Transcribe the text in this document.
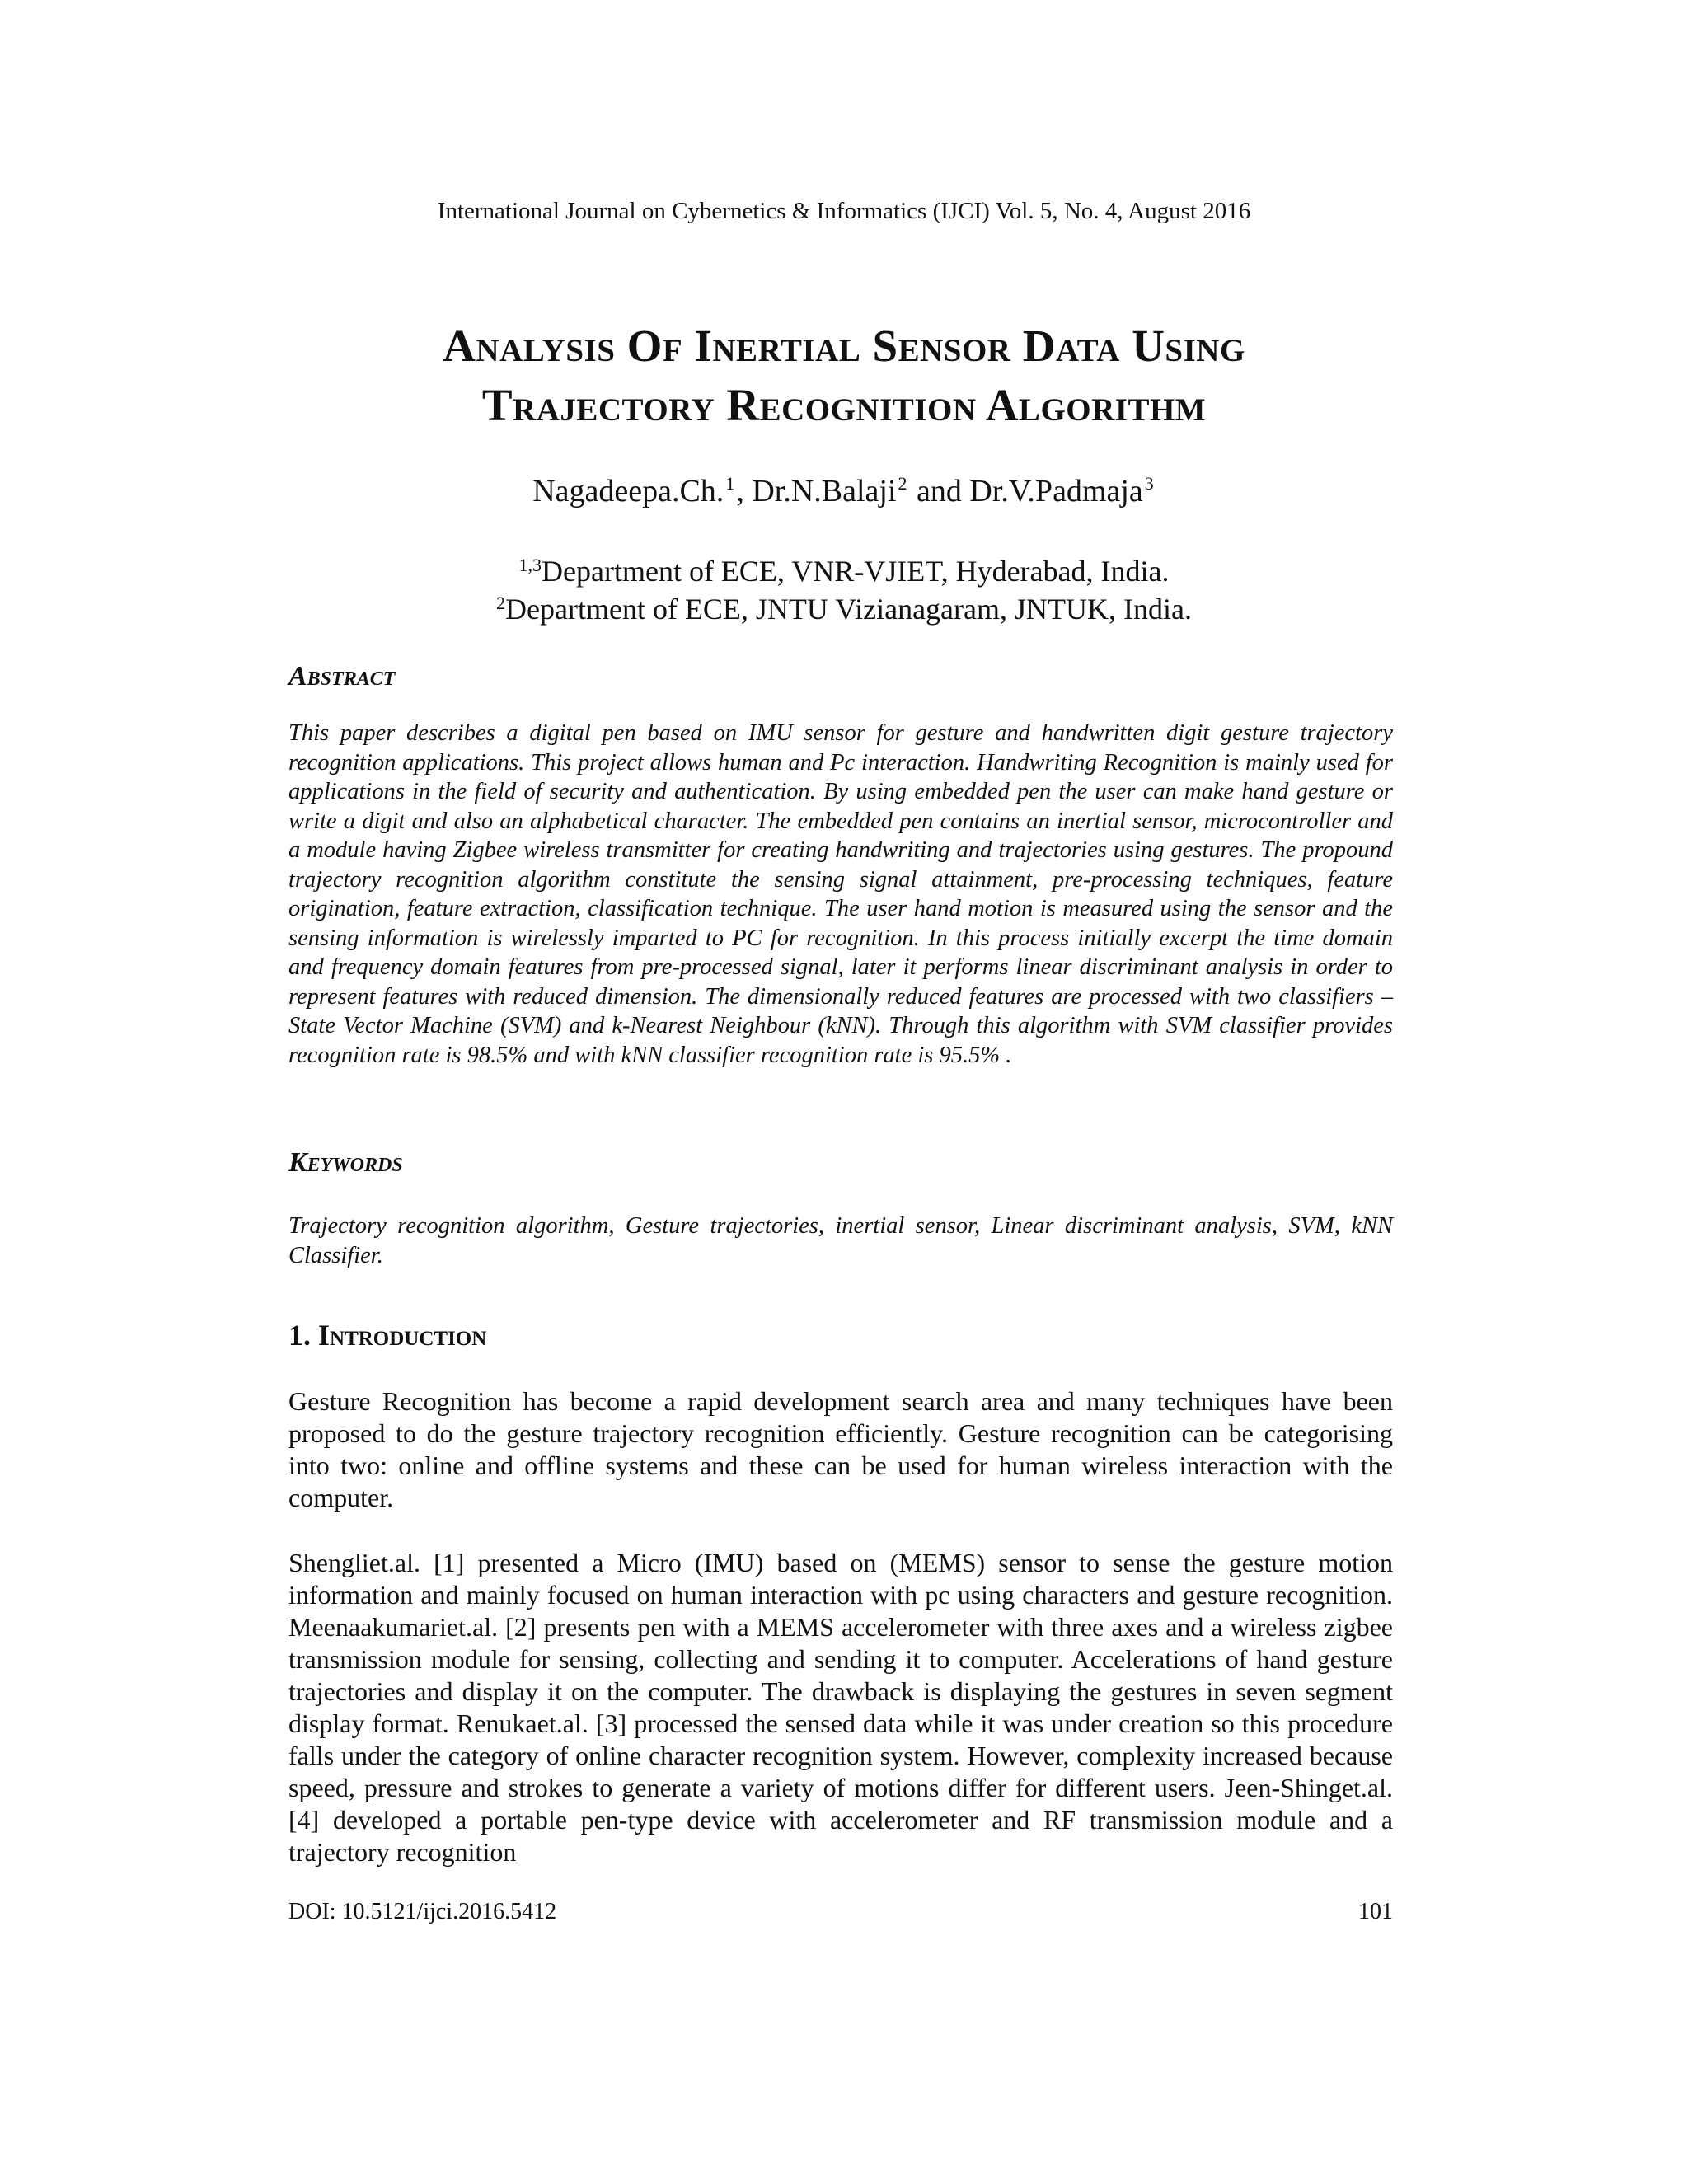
International Journal on Cybernetics & Informatics (IJCI) Vol. 5, No. 4, August 2016
Analysis Of Inertial Sensor Data Using
Trajectory Recognition Algorithm
Nagadeepa.Ch.$^1$, Dr.N.Balaji$^2$ and Dr.V.Padmaja$^3$
$^{1,3}$Department of ECE, VNR-VJIET, Hyderabad, India.
$^2$Department of ECE, JNTU Vizianagaram, JNTUK, India.
Abstract
This paper describes a digital pen based on IMU sensor for gesture and handwritten digit gesture trajectory recognition applications. This project allows human and Pc interaction. Handwriting Recognition is mainly used for applications in the field of security and authentication. By using embedded pen the user can make hand gesture or write a digit and also an alphabetical character. The embedded pen contains an inertial sensor, microcontroller and a module having Zigbee wireless transmitter for creating handwriting and trajectories using gestures. The propound trajectory recognition algorithm constitute the sensing signal attainment, pre-processing techniques, feature origination, feature extraction, classification technique. The user hand motion is measured using the sensor and the sensing information is wirelessly imparted to PC for recognition. In this process initially excerpt the time domain and frequency domain features from pre-processed signal, later it performs linear discriminant analysis in order to represent features with reduced dimension. The dimensionally reduced features are processed with two classifiers – State Vector Machine (SVM) and k-Nearest Neighbour (kNN). Through this algorithm with SVM classifier provides recognition rate is 98.5% and with kNN classifier recognition rate is 95.5% .
Keywords
Trajectory recognition algorithm, Gesture trajectories, inertial sensor, Linear discriminant analysis, SVM, kNN Classifier.
1. Introduction
Gesture Recognition has become a rapid development search area and many techniques have been proposed to do the gesture trajectory recognition efficiently. Gesture recognition can be categorising into two: online and offline systems and these can be used for human wireless interaction with the computer.
Shengliet.al. [1] presented a Micro (IMU) based on (MEMS) sensor to sense the gesture motion information and mainly focused on human interaction with pc using characters and gesture recognition. Meenaakumariet.al. [2] presents pen with a MEMS accelerometer with three axes and a wireless zigbee transmission module for sensing, collecting and sending it to computer. Accelerations of hand gesture trajectories and display it on the computer. The drawback is displaying the gestures in seven segment display format. Renukaet.al. [3] processed the sensed data while it was under creation so this procedure falls under the category of online character recognition system. However, complexity increased because speed, pressure and strokes to generate a variety of motions differ for different users. Jeen-Shinget.al. [4] developed a portable pen-type device with accelerometer and RF transmission module and a trajectory recognition
DOI: 10.5121/ijci.2016.5412	101
